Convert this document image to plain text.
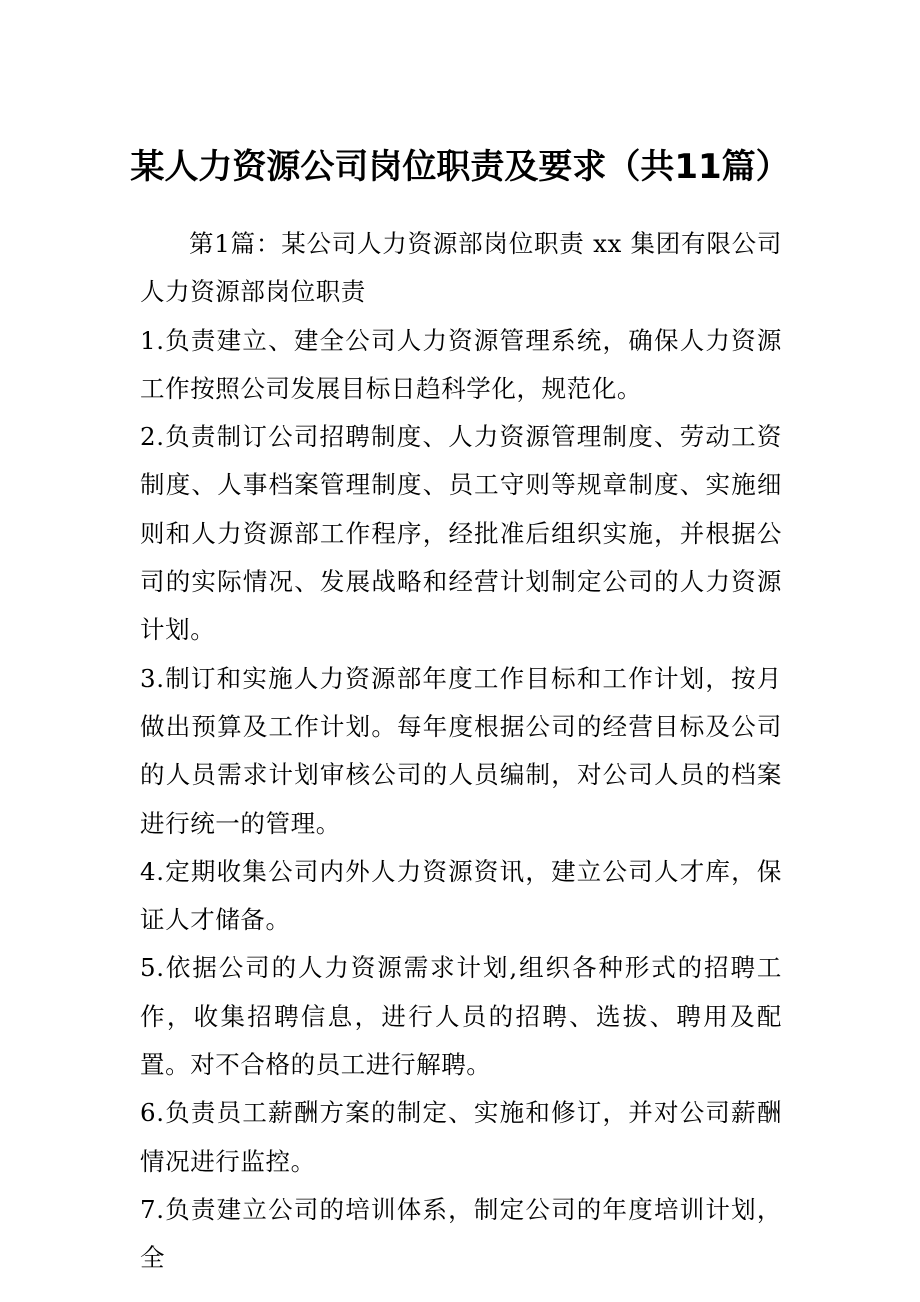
某人力资源公司岗位职责及要求（共11篇）

第1篇：某公司人力资源部岗位职责 xx 集团有限公司人力资源部岗位职责

1.负责建立、建全公司人力资源管理系统，确保人力资源工作按照公司发展目标日趋科学化，规范化。

2.负责制订公司招聘制度、人力资源管理制度、劳动工资制度、人事档案管理制度、员工守则等规章制度、实施细则和人力资源部工作程序，经批准后组织实施，并根据公司的实际情况、发展战略和经营计划制定公司的人力资源计划。

3.制订和实施人力资源部年度工作目标和工作计划，按月做出预算及工作计划。每年度根据公司的经营目标及公司的人员需求计划审核公司的人员编制，对公司人员的档案进行统一的管理。

4.定期收集公司内外人力资源资讯，建立公司人才库，保证人才储备。

5.依据公司的人力资源需求计划,组织各种形式的招聘工作，收集招聘信息，进行人员的招聘、选拔、聘用及配置。对不合格的员工进行解聘。

6.负责员工薪酬方案的制定、实施和修订，并对公司薪酬情况进行监控。

7.负责建立公司的培训体系，制定公司的年度培训计划，全
